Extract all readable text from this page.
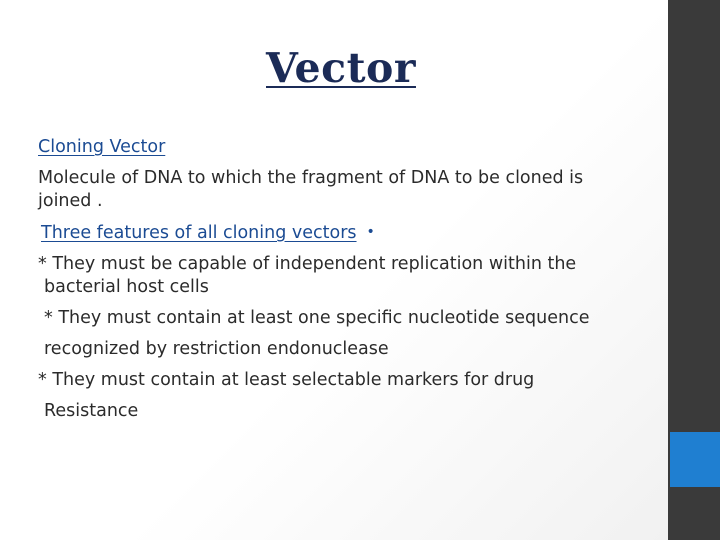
Vector
Cloning Vector
Molecule of DNA to which the fragment of DNA to be cloned is
joined .
Three features of all cloning vectors •
* They must be capable of independent replication within the
bacterial host cells
* They must contain at least one specific nucleotide sequence
recognized by restriction endonuclease
* They must contain at least selectable markers for drug
Resistance
